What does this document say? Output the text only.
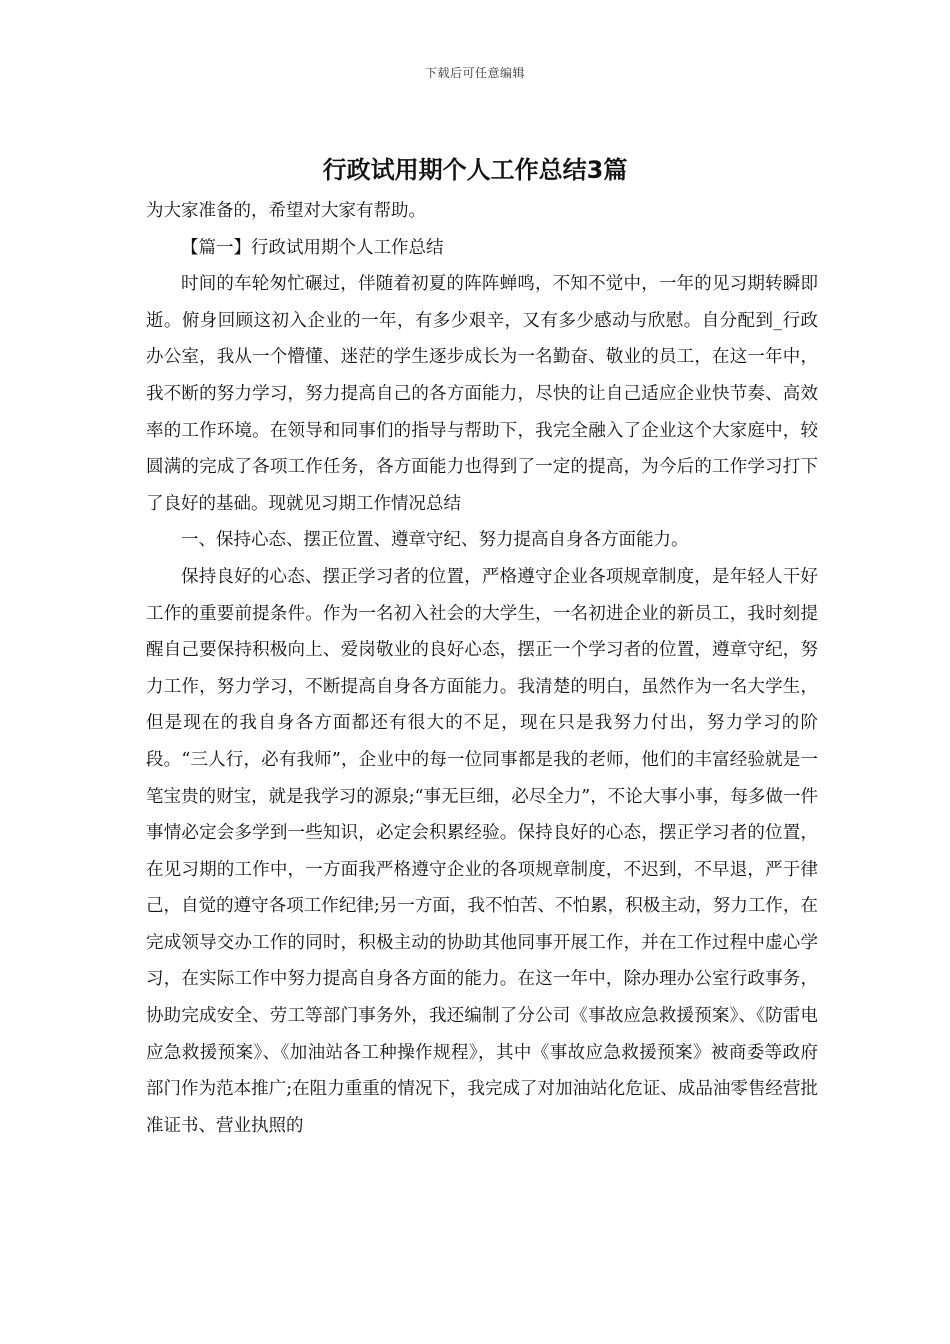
下载后可任意编辑
行政试用期个人工作总结3篇

为大家准备的，希望对大家有帮助。

【篇一】行政试用期个人工作总结

时间的车轮匆忙碾过，伴随着初夏的阵阵蝉鸣，不知不觉中，一年的见习期转瞬即逝。俯身回顾这初入企业的一年，有多少艰辛，又有多少感动与欣慰。自分配到_行政办公室，我从一个懵懂、迷茫的学生逐步成长为一名勤奋、敬业的员工，在这一年中，我不断的努力学习，努力提高自己的各方面能力，尽快的让自己适应企业快节奏、高效率的工作环境。在领导和同事们的指导与帮助下，我完全融入了企业这个大家庭中，较圆满的完成了各项工作任务，各方面能力也得到了一定的提高，为今后的工作学习打下了良好的基础。现就见习期工作情况总结

一、保持心态、摆正位置、遵章守纪、努力提高自身各方面能力。

保持良好的心态、摆正学习者的位置，严格遵守企业各项规章制度，是年轻人干好工作的重要前提条件。作为一名初入社会的大学生，一名初进企业的新员工，我时刻提醒自己要保持积极向上、爱岗敬业的良好心态，摆正一个学习者的位置，遵章守纪，努力工作，努力学习，不断提高自身各方面能力。我清楚的明白，虽然作为一名大学生，但是现在的我自身各方面都还有很大的不足，现在只是我努力付出，努力学习的阶段。“三人行，必有我师”，企业中的每一位同事都是我的老师，他们的丰富经验就是一笔宝贵的财宝，就是我学习的源泉;“事无巨细，必尽全力”，不论大事小事，每多做一件事情必定会多学到一些知识，必定会积累经验。保持良好的心态，摆正学习者的位置，在见习期的工作中，一方面我严格遵守企业的各项规章制度，不迟到，不早退，严于律己，自觉的遵守各项工作纪律;另一方面，我不怕苦、不怕累，积极主动，努力工作，在完成领导交办工作的同时，积极主动的协助其他同事开展工作，并在工作过程中虚心学习，在实际工作中努力提高自身各方面的能力。在这一年中，除办理办公室行政事务，协助完成安全、劳工等部门事务外，我还编制了分公司《事故应急救援预案》、《防雷电应急救援预案》、《加油站各工种操作规程》，其中《事故应急救援预案》被商委等政府部门作为范本推广;在阻力重重的情况下，我完成了对加油站化危证、成品油零售经营批准证书、营业执照的
